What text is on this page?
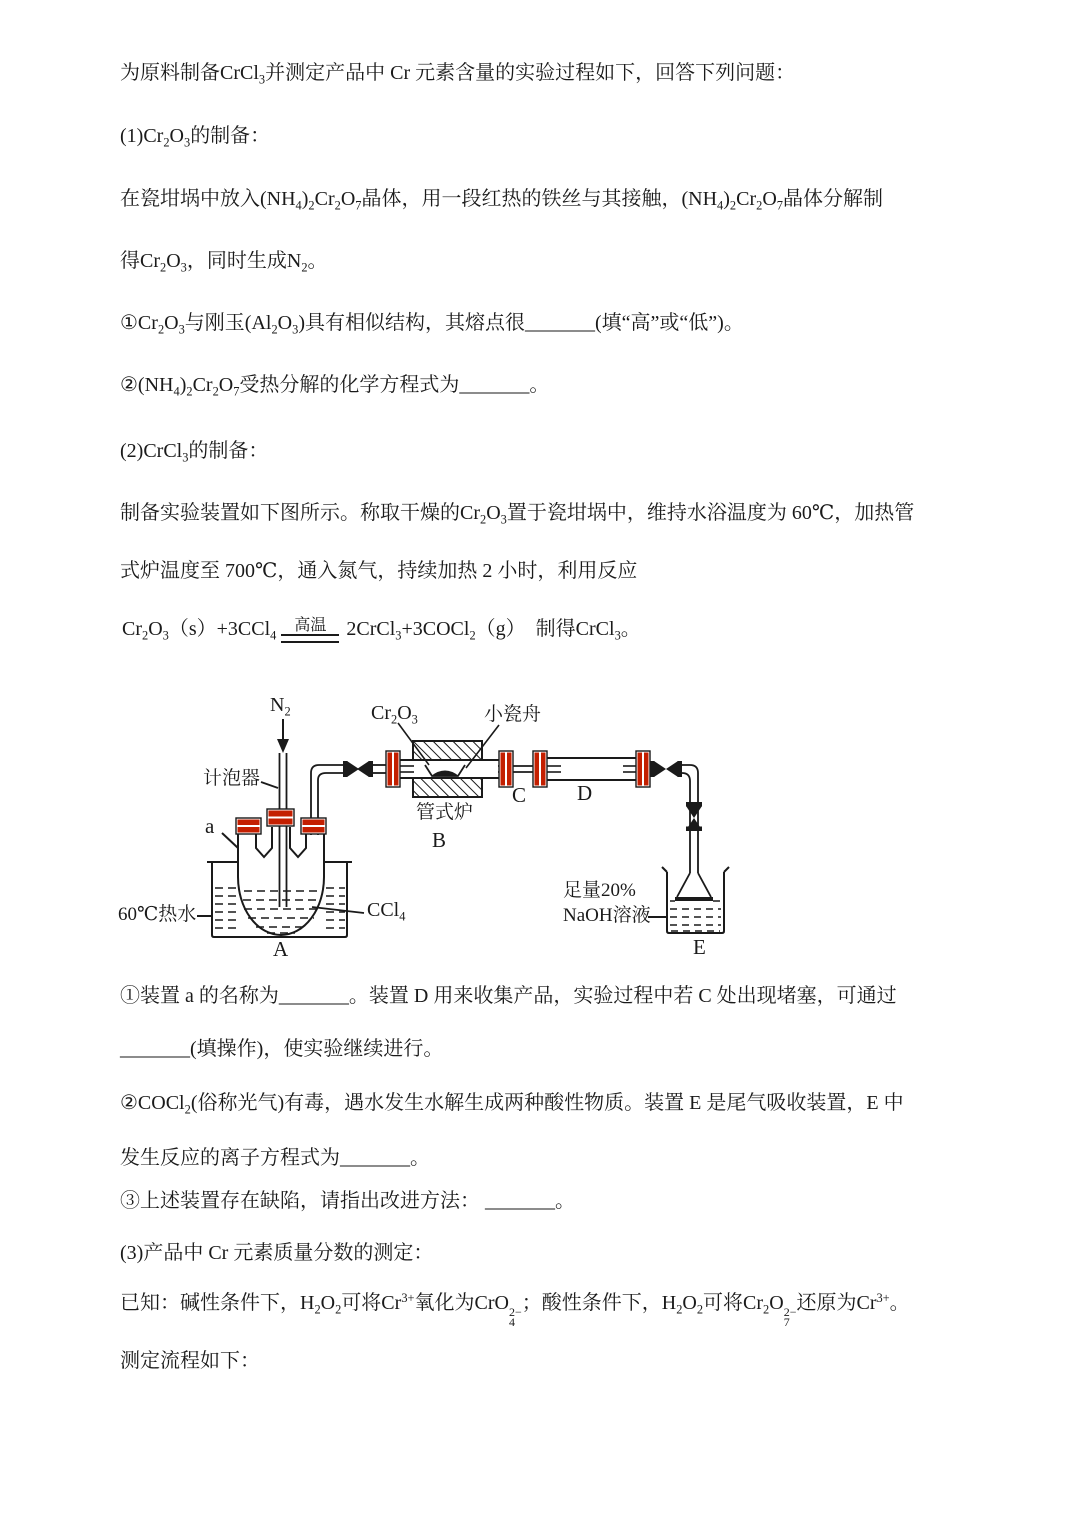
为原料制备CrCl$_3$并测定产品中 Cr 元素含量的实验过程如下，回答下列问题：

$(1)Cr_2O_3$的制备：

在瓷坩埚中放入$(NH_4)_2Cr_2O_7$晶体，用一段红热的铁丝与其接触，$(NH_4)_2Cr_2O_7$晶体分解制

得$Cr_2O_3$，同时生成$N_2$。

$①Cr_2O_3$与刚玉$(Al_2O_3)$具有相似结构，其熔点很_______(填“高”或“低”)。

$②(NH_4)_2Cr_2O_7$受热分解的化学方程式为_______。

(2)CrCl$_3$的制备：

制备实验装置如下图所示。称取干燥的$Cr_2O_3$置于瓷坩埚中，维持水浴温度为 60℃，加热管

式炉温度至 700℃，通入氮气，持续加热 2 小时，利用反应

$Cr_2O_3(s)+3CCl_4$
高温 2CrCl$_3$+3COCl$_2$（g） 制得CrCl$_3$。
$N_2$
计泡器
a
60℃热水	CCl$_4$
A
$Cr_2O_3$	小瓷舟
管式炉
B
C D
足量20%
NaOH溶液
E

①装置 a 的名称为_______。装置 D 用来收集产品，实验过程中若 C 处出现堵塞，可通过

_______(填操作)，使实验继续进行。

②COCl$_2$(俗称光气)有毒，遇水发生水解生成两种酸性物质。装置 E 是尾气吸收装置，E 中

发生反应的离子方程式为_______。

③上述装置存在缺陷，请指出改进方法： _______。

(3)产品中 Cr 元素质量分数的测定：

已知：碱性条件下，$H_2O_2$可将$Cr^{3+}$氧化为CrO 2−
4
；酸性条件下，$H_2O_2$可将$Cr_2O$ 2−
7
还原为$Cr^{3+}$。

测定流程如下：
